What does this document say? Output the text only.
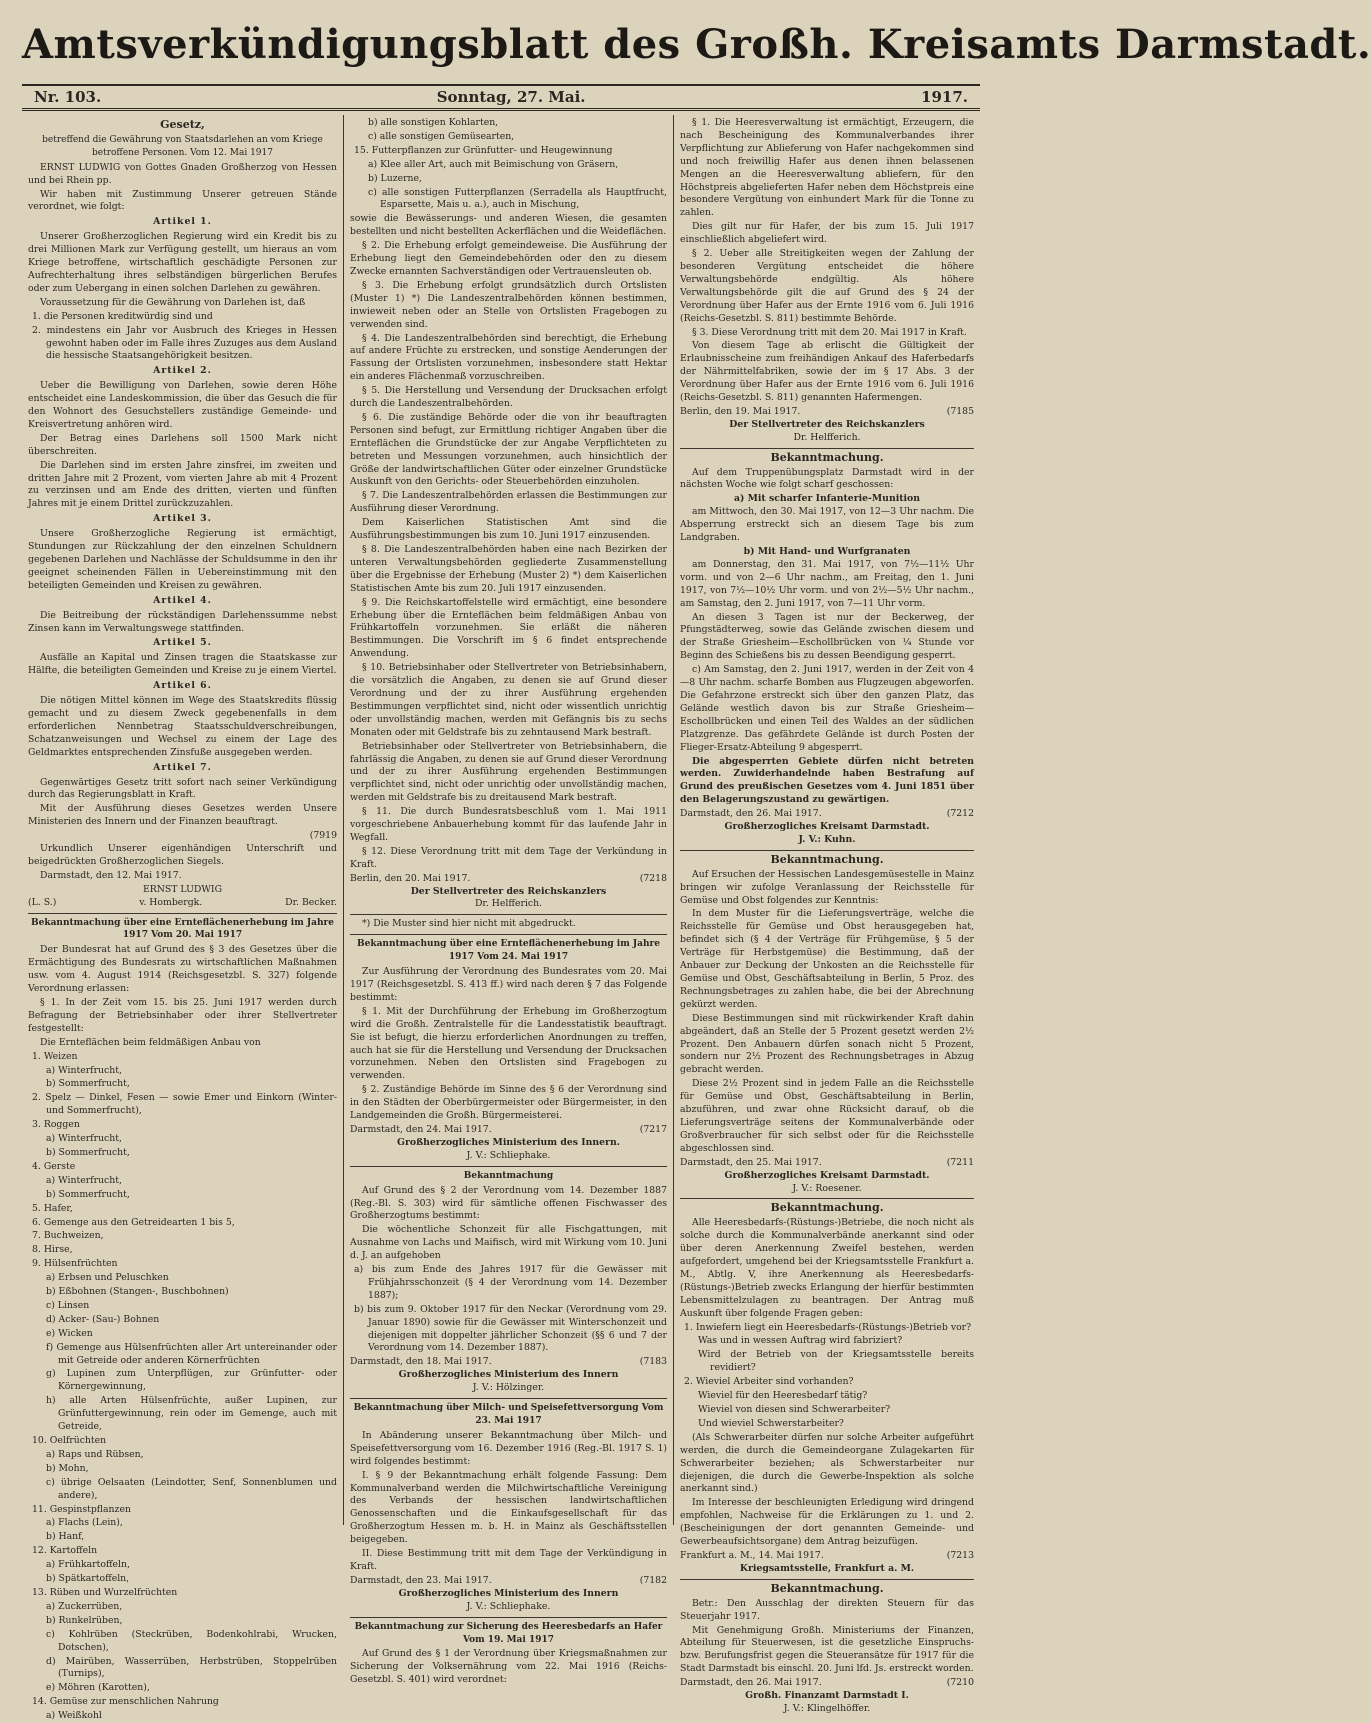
Amtsverkündigungsblatt des Großh. Kreisamts Darmstadt.
Nr. 103.	Sonntag, 27. Mai.	1917.
Gesetz,
betreffend die Gewährung von Staatsdarlehen an vom Kriege betroffene Personen. Vom 12. Mai 1917

ERNST LUDWIG von Gottes Gnaden Großherzog von Hessen und bei Rhein pp.

Wir haben mit Zustimmung Unserer getreuen Stände verordnet, wie folgt:

Artikel 1.

Unserer Großherzoglichen Regierung wird ein Kredit bis zu drei Millionen Mark zur Verfügung gestellt, um hieraus an vom Kriege betroffene, wirtschaftlich geschädigte Personen zur Aufrechterhaltung ihres selbständigen bürgerlichen Berufes oder zum Uebergang in einen solchen Darlehen zu gewähren.

Voraussetzung für die Gewährung von Darlehen ist, daß

1. die Personen kreditwürdig sind und

2. mindestens ein Jahr vor Ausbruch des Krieges in Hessen gewohnt haben oder im Falle ihres Zuzuges aus dem Ausland die hessische Staatsangehörigkeit besitzen.

Artikel 2.

Ueber die Bewilligung von Darlehen, sowie deren Höhe entscheidet eine Landeskommission, die über das Gesuch die für den Wohnort des Gesuchstellers zuständige Gemeinde- und Kreisvertretung anhören wird.

Der Betrag eines Darlehens soll 1500 Mark nicht überschreiten.

Die Darlehen sind im ersten Jahre zinsfrei, im zweiten und dritten Jahre mit 2 Prozent, vom vierten Jahre ab mit 4 Prozent zu verzinsen und am Ende des dritten, vierten und fünften Jahres mit je einem Drittel zurückzuzahlen.

Artikel 3.

Unsere Großherzogliche Regierung ist ermächtigt, Stundungen zur Rückzahlung der den einzelnen Schuldnern gegebenen Darlehen und Nachlässe der Schuldsumme in den ihr geeignet scheinenden Fällen in Uebereinstimmung mit den beteiligten Gemeinden und Kreisen zu gewähren.

Artikel 4.

Die Beitreibung der rückständigen Darlehenssumme nebst Zinsen kann im Verwaltungswege stattfinden.

Artikel 5.

Ausfälle an Kapital und Zinsen tragen die Staatskasse zur Hälfte, die beteiligten Gemeinden und Kreise zu je einem Viertel.

Artikel 6.

Die nötigen Mittel können im Wege des Staatskredits flüssig gemacht und zu diesem Zweck gegebenenfalls in dem erforderlichen Nennbetrag Staatsschuldverschreibungen, Schatzanweisungen und Wechsel zu einem der Lage des Geldmarktes entsprechenden Zinsfuße ausgegeben werden.

Artikel 7.

Gegenwärtiges Gesetz tritt sofort nach seiner Verkündigung durch das Regierungsblatt in Kraft.

Mit der Ausführung dieses Gesetzes werden Unsere Ministerien des Innern und der Finanzen beauftragt.

(7919

Urkundlich Unserer eigenhändigen Unterschrift und beigedrückten Großherzoglichen Siegels.

Darmstadt, den 12. Mai 1917.

ERNST LUDWIG
(L. S.)	v. Hombergk.	Dr. Becker.
Bekanntmachung über eine Ernteflächenerhebung im Jahre 1917 Vom 20. Mai 1917

Der Bundesrat hat auf Grund des § 3 des Gesetzes über die Ermächtigung des Bundesrats zu wirtschaftlichen Maßnahmen usw. vom 4. August 1914 (Reichsgesetzbl. S. 327) folgende Verordnung erlassen:

§ 1. In der Zeit vom 15. bis 25. Juni 1917 werden durch Befragung der Betriebsinhaber oder ihrer Stellvertreter festgestellt:

Die Ernteflächen beim feldmäßigen Anbau von

1. Weizen

a) Winterfrucht,

b) Sommerfrucht,

2. Spelz — Dinkel, Fesen — sowie Emer und Einkorn (Winter- und Sommerfrucht),

3. Roggen

a) Winterfrucht,

b) Sommerfrucht,

4. Gerste

a) Winterfrucht,

b) Sommerfrucht,

5. Hafer,

6. Gemenge aus den Getreidearten 1 bis 5,

7. Buchweizen,

8. Hirse,

9. Hülsenfrüchten

a) Erbsen und Peluschken

b) Eßbohnen (Stangen-, Buschbohnen)

c) Linsen

d) Acker- (Sau-) Bohnen

e) Wicken

f) Gemenge aus Hülsenfrüchten aller Art untereinander oder mit Getreide oder anderen Körnerfrüchten

g) Lupinen zum Unterpflügen, zur Grünfutter- oder Körnergewinnung,

h) alle Arten Hülsenfrüchte, außer Lupinen, zur Grünfuttergewinnung, rein oder im Gemenge, auch mit Getreide,

10. Oelfrüchten

a) Raps und Rübsen,

b) Mohn,

c) übrige Oelsaaten (Leindotter, Senf, Sonnenblumen und andere),

11. Gespinstpflanzen

a) Flachs (Lein),

b) Hanf,

12. Kartoffeln

a) Frühkartoffeln,

b) Spätkartoffeln,

13. Rüben und Wurzelfrüchten

a) Zuckerrüben,

b) Runkelrüben,

c) Kohlrüben (Steckrüben, Bodenkohlrabi, Wrucken, Dotschen),

d) Mairüben, Wasserrüben, Herbstrüben, Stoppelrüben (Turnips),

e) Möhren (Karotten),

14. Gemüse zur menschlichen Nahrung

a) Weißkohl

b) alle sonstigen Kohlarten,

c) alle sonstigen Gemüsearten,

15. Futterpflanzen zur Grünfutter- und Heugewinnung

a) Klee aller Art, auch mit Beimischung von Gräsern,

b) Luzerne,

c) alle sonstigen Futterpflanzen (Serradella als Hauptfrucht, Esparsette, Mais u. a.), auch in Mischung,

sowie die Bewässerungs- und anderen Wiesen, die gesamten bestellten und nicht bestellten Ackerflächen und die Weideflächen.

§ 2. Die Erhebung erfolgt gemeindeweise. Die Ausführung der Erhebung liegt den Gemeindebehörden oder den zu diesem Zwecke ernannten Sachverständigen oder Vertrauensleuten ob.

§ 3. Die Erhebung erfolgt grundsätzlich durch Ortslisten (Muster 1) *) Die Landeszentralbehörden können bestimmen, inwieweit neben oder an Stelle von Ortslisten Fragebogen zu verwenden sind.

§ 4. Die Landeszentralbehörden sind berechtigt, die Erhebung auf andere Früchte zu erstrecken, und sonstige Aenderungen der Fassung der Ortslisten vorzunehmen, insbesondere statt Hektar ein anderes Flächenmaß vorzuschreiben.

§ 5. Die Herstellung und Versendung der Drucksachen erfolgt durch die Landeszentralbehörden.

§ 6. Die zuständige Behörde oder die von ihr beauftragten Personen sind befugt, zur Ermittlung richtiger Angaben über die Ernteflächen die Grundstücke der zur Angabe Verpflichteten zu betreten und Messungen vorzunehmen, auch hinsichtlich der Größe der landwirtschaftlichen Güter oder einzelner Grundstücke Auskunft von den Gerichts- oder Steuerbehörden einzuholen.

§ 7. Die Landeszentralbehörden erlassen die Bestimmungen zur Ausführung dieser Verordnung.

Dem Kaiserlichen Statistischen Amt sind die Ausführungsbestimmungen bis zum 10. Juni 1917 einzusenden.

§ 8. Die Landeszentralbehörden haben eine nach Bezirken der unteren Verwaltungsbehörden gegliederte Zusammenstellung über die Ergebnisse der Erhebung (Muster 2) *) dem Kaiserlichen Statistischen Amte bis zum 20. Juli 1917 einzusenden.

§ 9. Die Reichskartoffelstelle wird ermächtigt, eine besondere Erhebung über die Ernteflächen beim feldmäßigen Anbau von Frühkartoffeln vorzunehmen. Sie erläßt die näheren Bestimmungen. Die Vorschrift im § 6 findet entsprechende Anwendung.

§ 10. Betriebsinhaber oder Stellvertreter von Betriebsinhabern, die vorsätzlich die Angaben, zu denen sie auf Grund dieser Verordnung und der zu ihrer Ausführung ergehenden Bestimmungen verpflichtet sind, nicht oder wissentlich unrichtig oder unvollständig machen, werden mit Gefängnis bis zu sechs Monaten oder mit Geldstrafe bis zu zehntausend Mark bestraft.

Betriebsinhaber oder Stellvertreter von Betriebsinhabern, die fahrlässig die Angaben, zu denen sie auf Grund dieser Verordnung und der zu ihrer Ausführung ergehenden Bestimmungen verpflichtet sind, nicht oder unrichtig oder unvollständig machen, werden mit Geldstrafe bis zu dreitausend Mark bestraft.

§ 11. Die durch Bundesratsbeschluß vom 1. Mai 1911 vorgeschriebene Anbauerhebung kommt für das laufende Jahr in Wegfall.

§ 12. Diese Verordnung tritt mit dem Tage der Verkündung in Kraft.

Berlin, den 20. Mai 1917.	(7218
Der Stellvertreter des Reichskanzlers
Dr. Helfferich.

*) Die Muster sind hier nicht mit abgedruckt.

Bekanntmachung über eine Ernteflächenerhebung im Jahre 1917 Vom 24. Mai 1917

Zur Ausführung der Verordnung des Bundesrates vom 20. Mai 1917 (Reichsgesetzbl. S. 413 ff.) wird nach deren § 7 das Folgende bestimmt:

§ 1. Mit der Durchführung der Erhebung im Großherzogtum wird die Großh. Zentralstelle für die Landesstatistik beauftragt. Sie ist befugt, die hierzu erforderlichen Anordnungen zu treffen, auch hat sie für die Herstellung und Versendung der Drucksachen vorzunehmen. Neben den Ortslisten sind Fragebogen zu verwenden.

§ 2. Zuständige Behörde im Sinne des § 6 der Verordnung sind in den Städten der Oberbürgermeister oder Bürgermeister, in den Landgemeinden die Großh. Bürgermeisterei.

Darmstadt, den 24. Mai 1917.	(7217
Großherzogliches Ministerium des Innern.
J. V.: Schliephake.
Bekanntmachung

Auf Grund des § 2 der Verordnung vom 14. Dezember 1887 (Reg.-Bl. S. 303) wird für sämtliche offenen Fischwasser des Großherzogtums bestimmt:

Die wöchentliche Schonzeit für alle Fischgattungen, mit Ausnahme von Lachs und Maifisch, wird mit Wirkung vom 10. Juni d. J. an aufgehoben

a) bis zum Ende des Jahres 1917 für die Gewässer mit Frühjahrsschonzeit (§ 4 der Verordnung vom 14. Dezember 1887);

b) bis zum 9. Oktober 1917 für den Neckar (Verordnung vom 29. Januar 1890) sowie für die Gewässer mit Winterschonzeit und diejenigen mit doppelter jährlicher Schonzeit (§§ 6 und 7 der Verordnung vom 14. Dezember 1887).

Darmstadt, den 18. Mai 1917.	(7183
Großherzogliches Ministerium des Innern
J. V.: Hölzinger.
Bekanntmachung über Milch- und Speisefettversorgung Vom 23. Mai 1917

In Abänderung unserer Bekanntmachung über Milch- und Speisefettversorgung vom 16. Dezember 1916 (Reg.-Bl. 1917 S. 1) wird folgendes bestimmt:

I. § 9 der Bekanntmachung erhält folgende Fassung: Dem Kommunalverband werden die Milchwirtschaftliche Vereinigung des Verbands der hessischen landwirtschaftlichen Genossenschaften und die Einkaufsgesellschaft für das Großherzogtum Hessen m. b. H. in Mainz als Geschäftsstellen beigegeben.

II. Diese Bestimmung tritt mit dem Tage der Verkündigung in Kraft.

Darmstadt, den 23. Mai 1917.	(7182
Großherzogliches Ministerium des Innern
J. V.: Schliephake.
Bekanntmachung zur Sicherung des Heeresbedarfs an Hafer Vom 19. Mai 1917

Auf Grund des § 1 der Verordnung über Kriegsmaßnahmen zur Sicherung der Volksernährung vom 22. Mai 1916 (Reichs-Gesetzbl. S. 401) wird verordnet:

§ 1. Die Heeresverwaltung ist ermächtigt, Erzeugern, die nach Bescheinigung des Kommunalverbandes ihrer Verpflichtung zur Ablieferung von Hafer nachgekommen sind und noch freiwillig Hafer aus denen ihnen belassenen Mengen an die Heeresverwaltung abliefern, für den Höchstpreis abgelieferten Hafer neben dem Höchstpreis eine besondere Vergütung von einhundert Mark für die Tonne zu zahlen.

Dies gilt nur für Hafer, der bis zum 15. Juli 1917 einschließlich abgeliefert wird.

§ 2. Ueber alle Streitigkeiten wegen der Zahlung der besonderen Vergütung entscheidet die höhere Verwaltungsbehörde endgültig. Als höhere Verwaltungsbehörde gilt die auf Grund des § 24 der Verordnung über Hafer aus der Ernte 1916 vom 6. Juli 1916 (Reichs-Gesetzbl. S. 811) bestimmte Behörde.

§ 3. Diese Verordnung tritt mit dem 20. Mai 1917 in Kraft.

Von diesem Tage ab erlischt die Gültigkeit der Erlaubnisscheine zum freihändigen Ankauf des Haferbedarfs der Nährmittelfabriken, sowie der im § 17 Abs. 3 der Verordnung über Hafer aus der Ernte 1916 vom 6. Juli 1916 (Reichs-Gesetzbl. S. 811) genannten Hafermengen.

Berlin, den 19. Mai 1917.	(7185
Der Stellvertreter des Reichskanzlers
Dr. Helfferich.
Bekanntmachung.

Auf dem Truppenübungsplatz Darmstadt wird in der nächsten Woche wie folgt scharf geschossen:

a) Mit scharfer Infanterie-Munition

am Mittwoch, den 30. Mai 1917, von 12—3 Uhr nachm. Die Absperrung erstreckt sich an diesem Tage bis zum Landgraben.

b) Mit Hand- und Wurfgranaten

am Donnerstag, den 31. Mai 1917, von 7½—11½ Uhr vorm. und von 2—6 Uhr nachm., am Freitag, den 1. Juni 1917, von 7½—10½ Uhr vorm. und von 2½—5½ Uhr nachm., am Samstag, den 2. Juni 1917, von 7—11 Uhr vorm.

An diesen 3 Tagen ist nur der Beckerweg, der Pfungstädterweg, sowie das Gelände zwischen diesem und der Straße Griesheim—Eschollbrücken von ¼ Stunde vor Beginn des Schießens bis zu dessen Beendigung gesperrt.

c) Am Samstag, den 2. Juni 1917, werden in der Zeit von 4—8 Uhr nachm. scharfe Bomben aus Flugzeugen abgeworfen. Die Gefahrzone erstreckt sich über den ganzen Platz, das Gelände westlich davon bis zur Straße Griesheim—Eschollbrücken und einen Teil des Waldes an der südlichen Platzgrenze. Das gefährdete Gelände ist durch Posten der Flieger-Ersatz-Abteilung 9 abgesperrt.

Die abgesperrten Gebiete dürfen nicht betreten werden. Zuwiderhandelnde haben Bestrafung auf Grund des preußischen Gesetzes vom 4. Juni 1851 über den Belagerungszustand zu gewärtigen.

Darmstadt, den 26. Mai 1917.	(7212
Großherzogliches Kreisamt Darmstadt.
J. V.: Kuhn.
Bekanntmachung.

Auf Ersuchen der Hessischen Landesgemüsestelle in Mainz bringen wir zufolge Veranlassung der Reichsstelle für Gemüse und Obst folgendes zur Kenntnis:

In dem Muster für die Lieferungsverträge, welche die Reichsstelle für Gemüse und Obst herausgegeben hat, befindet sich (§ 4 der Verträge für Frühgemüse, § 5 der Verträge für Herbstgemüse) die Bestimmung, daß der Anbauer zur Deckung der Unkosten an die Reichsstelle für Gemüse und Obst, Geschäftsabteilung in Berlin, 5 Proz. des Rechnungsbetrages zu zahlen habe, die bei der Abrechnung gekürzt werden.

Diese Bestimmungen sind mit rückwirkender Kraft dahin abgeändert, daß an Stelle der 5 Prozent gesetzt werden 2½ Prozent. Den Anbauern dürfen sonach nicht 5 Prozent, sondern nur 2½ Prozent des Rechnungsbetrages in Abzug gebracht werden.

Diese 2½ Prozent sind in jedem Falle an die Reichsstelle für Gemüse und Obst, Geschäftsabteilung in Berlin, abzuführen, und zwar ohne Rücksicht darauf, ob die Lieferungsverträge seitens der Kommunalverbände oder Großverbraucher für sich selbst oder für die Reichsstelle abgeschlossen sind.

Darmstadt, den 25. Mai 1917.	(7211
Großherzogliches Kreisamt Darmstadt.
J. V.: Roesener.
Bekanntmachung.

Alle Heeresbedarfs-(Rüstungs-)Betriebe, die noch nicht als solche durch die Kommunalverbände anerkannt sind oder über deren Anerkennung Zweifel bestehen, werden aufgefordert, umgehend bei der Kriegsamtsstelle Frankfurt a. M., Abtlg. V, ihre Anerkennung als Heeresbedarfs-(Rüstungs-)Betrieb zwecks Erlangung der hierfür bestimmten Lebensmittelzulagen zu beantragen. Der Antrag muß Auskunft über folgende Fragen geben:

1. Inwiefern liegt ein Heeresbedarfs-(Rüstungs-)Betrieb vor?

Was und in wessen Auftrag wird fabriziert?

Wird der Betrieb von der Kriegsamtsstelle bereits revidiert?

2. Wieviel Arbeiter sind vorhanden?

Wieviel für den Heeresbedarf tätig?

Wieviel von diesen sind Schwerarbeiter?

Und wieviel Schwerstarbeiter?

(Als Schwerarbeiter dürfen nur solche Arbeiter aufgeführt werden, die durch die Gemeindeorgane Zulagekarten für Schwerarbeiter beziehen; als Schwerstarbeiter nur diejenigen, die durch die Gewerbe-Inspektion als solche anerkannt sind.)

Im Interesse der beschleunigten Erledigung wird dringend empfohlen, Nachweise für die Erklärungen zu 1. und 2. (Bescheinigungen der dort genannten Gemeinde- und Gewerbeaufsichtsorgane) dem Antrag beizufügen.

Frankfurt a. M., 14. Mai 1917.	(7213
Kriegsamtsstelle, Frankfurt a. M.
Bekanntmachung.

Betr.: Den Ausschlag der direkten Steuern für das Steuerjahr 1917.

Mit Genehmigung Großh. Ministeriums der Finanzen, Abteilung für Steuerwesen, ist die gesetzliche Einspruchs- bzw. Berufungsfrist gegen die Steueransätze für 1917 für die Stadt Darmstadt bis einschl. 20. Juni lfd. Js. erstreckt worden.

Darmstadt, den 26. Mai 1917.	(7210
Großh. Finanzamt Darmstadt I.
J. V.: Klingelhöffer.
